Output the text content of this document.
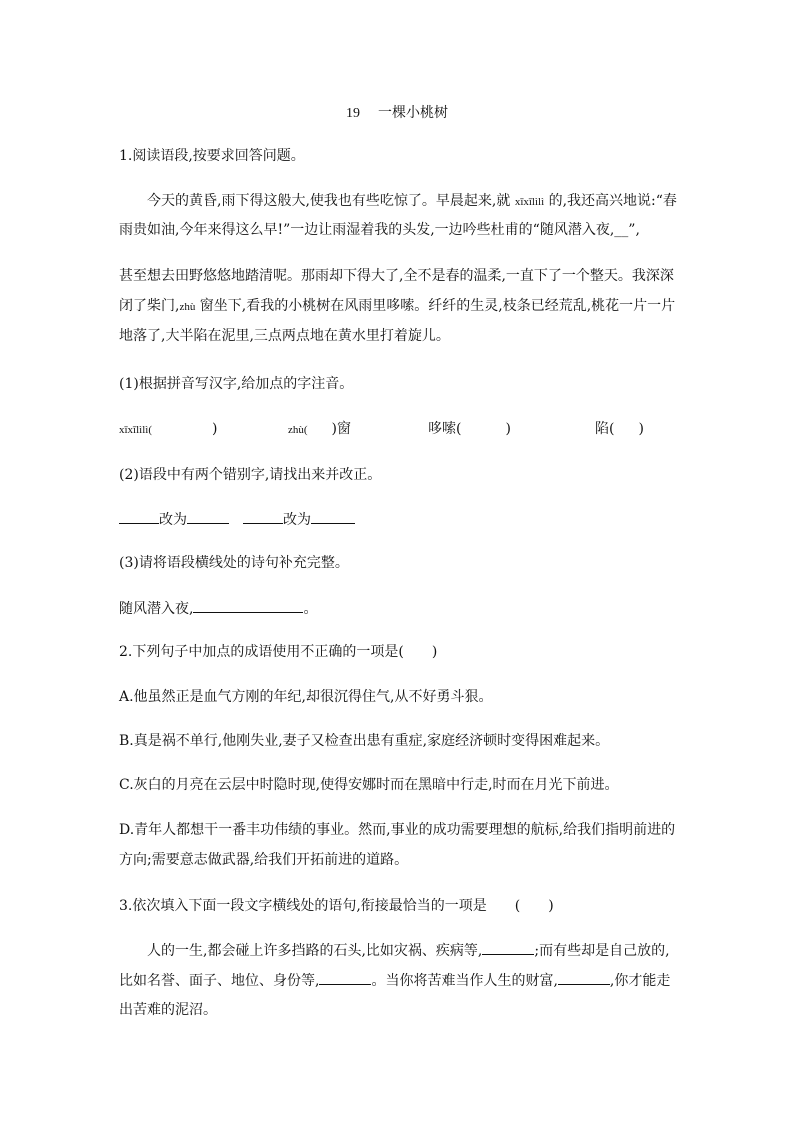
19 一棵小桃树
1.阅读语段,按要求回答问题。
今天的黄昏,雨下得这般大,使我也有些吃惊了。早晨起来,就 xīxīlìlì 的,我还高兴地说:“春
雨贵如油,今年来得这么早!”一边让雨湿着我的头发,一边吟些杜甫的“随风潜入夜,__”,
甚至想去田野悠悠地踏清呢。那雨却下得大了,全不是春的温柔,一直下了一个整天。我深深
闭了柴门,zhù 窗坐下,看我的小桃树在风雨里哆嗦。纤纤的生灵,枝条已经荒乱,桃花一片一片
地落了,大半陷在泥里,三点两点地在黄水里打着旋儿。
(1)根据拼音写汉字,给加点的字注音。
xīxīlìlì(	)	zhù( )窗	哆嗦(	)	陷( )
(2)语段中有两个错别字,请找出来并改正。
改为	改为
(3)请将语段横线处的诗句补充完整。
随风潜入夜,	。
2.下列句子中加点的成语使用不正确的一项是(　　)
A.他虽然正是血气方刚的年纪,却很沉得住气,从不好勇斗狠。
B.真是祸不单行,他刚失业,妻子又检查出患有重症,家庭经济顿时变得困难起来。
C.灰白的月亮在云层中时隐时现,使得安娜时而在黑暗中行走,时而在月光下前进。
D.青年人都想干一番丰功伟绩的事业。然而,事业的成功需要理想的航标,给我们指明前进的
方向;需要意志做武器,给我们开拓前进的道路。
3.依次填入下面一段文字横线处的语句,衔接最恰当的一项是　　(　　)
人的一生,都会碰上许多挡路的石头,比如灾祸、疾病等,	;而有些却是自己放的,
比如名誉、面子、地位、身份等,	。当你将苦难当作人生的财富,	,你才能走
出苦难的泥沼。
